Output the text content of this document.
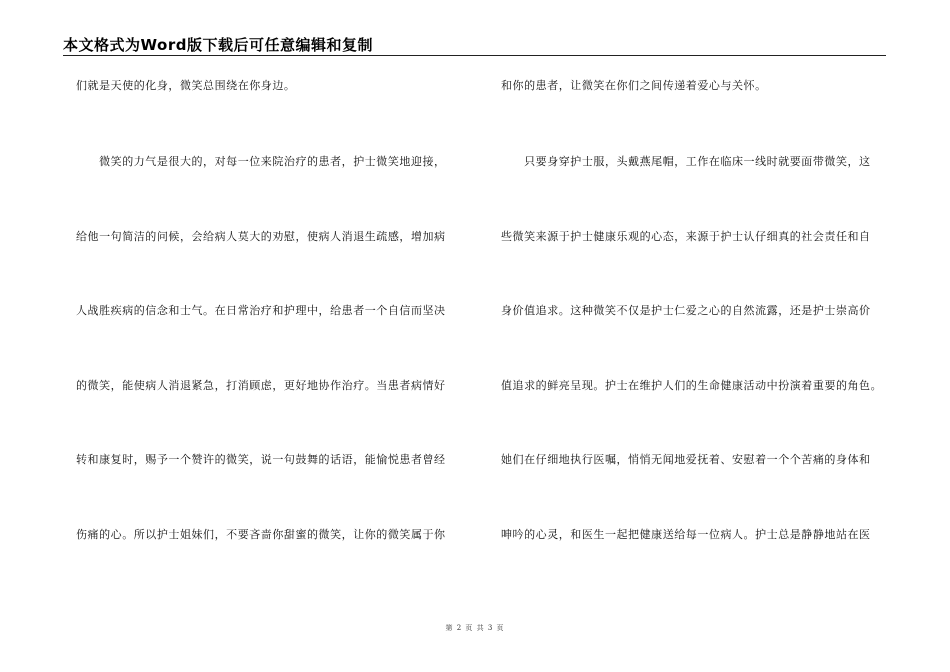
本文格式为Word版下载后可任意编辑和复制
们就是天使的化身，微笑总围绕在你身边。
　　微笑的力气是很大的，对每一位来院治疗的患者，护士微笑地迎接，
给他一句简洁的问候，会给病人莫大的劝慰，使病人消退生疏感，增加病
人战胜疾病的信念和士气。在日常治疗和护理中，给患者一个自信而坚决
的微笑，能使病人消退紧急，打消顾虑，更好地协作治疗。当患者病情好
转和康复时，赐予一个赞许的微笑，说一句鼓舞的话语，能愉悦患者曾经
伤痛的心。所以护士姐妹们，不要吝啬你甜蜜的微笑，让你的微笑属于你
和你的患者，让微笑在你们之间传递着爱心与关怀。
　　只要身穿护士服，头戴燕尾帽，工作在临床一线时就要面带微笑，这
些微笑来源于护士健康乐观的心态，来源于护士认仔细真的社会责任和自
身价值追求。这种微笑不仅是护士仁爱之心的自然流露，还是护士崇高价
值追求的鲜亮呈现。护士在维护人们的生命健康活动中扮演着重要的角色。
她们在仔细地执行医嘱，悄悄无闻地爱抚着、安慰着一个个苦痛的身体和
呻吟的心灵，和医生一起把健康送给每一位病人。护士总是静静地站在医
第 2 页 共 3 页
